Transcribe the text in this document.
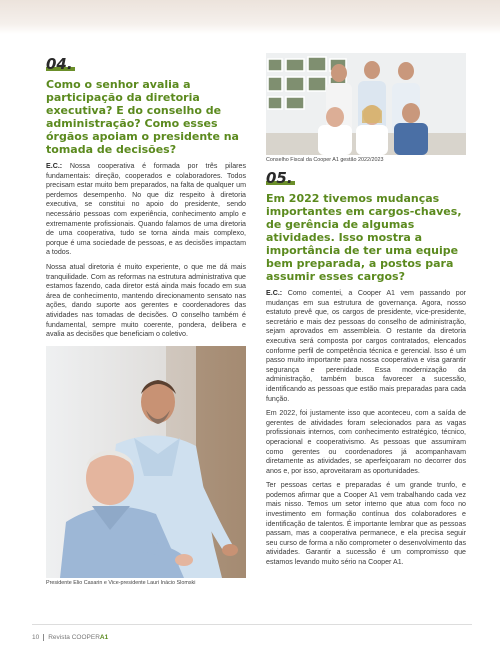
04.
Como o senhor avalia a participação da diretoria executiva? E do conselho de administração? Como esses órgãos apoiam o presidente na tomada de decisões?

E.C.: Nossa cooperativa é formada por três pilares fundamentais: direção, cooperados e colaboradores. Todos precisam estar muito bem preparados, na falta de qualquer um perdemos desempenho. No que diz respeito à diretoria executiva, se constitui no apoio do presidente, sendo necessário pessoas com experiência, conhecimento amplo e extremamente profissionais. Quando falamos de uma diretoria de uma cooperativa, tudo se torna ainda mais complexo, porque é uma sociedade de pessoas, e as decisões impactam a todos.

Nossa atual diretoria é muito experiente, o que me dá mais tranquilidade. Com as reformas na estrutura administrativa que estamos fazendo, cada diretor está ainda mais focado em sua área de conhecimento, mantendo direcionamento sensato nas ações, dando suporte aos gerentes e coordenadores das atividades nas tomadas de decisões. O conselho também é fundamental, sempre muito coerente, pondera, delibera e avalia as decisões que beneficiam o coletivo.

Presidente Elio Casarin e Vice-presidente Lauri Inácio Slomski
Conselho Fiscal da Cooper A1 gestão 2022/2023
05.
Em 2022 tivemos mudanças importantes em cargos-chaves, de gerência de algumas atividades. Isso mostra a importância de ter uma equipe bem preparada, a postos para assumir esses cargos?

E.C.: Como comentei, a Cooper A1 vem passando por mudanças em sua estrutura de governança. Agora, nosso estatuto prevê que, os cargos de presidente, vice-presidente, secretário e mais dez pessoas do conselho de administração, sejam aprovados em assembleia. O restante da diretoria executiva será composta por cargos contratados, elencados conforme perfil de competência técnica e gerencial. Isso é um passo muito importante para nossa cooperativa e visa garantir segurança e perenidade. Essa modernização da administração, também busca favorecer a sucessão, identificando as pessoas que estão mais preparadas para cada função.

Em 2022, foi justamente isso que aconteceu, com a saída de gerentes de atividades foram selecionados para as vagas profissionais internos, com conhecimento estratégico, técnico, operacional e cooperativismo. As pessoas que assumiram como gerentes ou coordenadores já acompanhavam diretamente as atividades, se aperfeiçoaram no decorrer dos anos e, por isso, aproveitaram as oportunidades.

Ter pessoas certas e preparadas é um grande trunfo, e podemos afirmar que a Cooper A1 vem trabalhando cada vez mais nisso. Temos um setor interno que atua com foco no investimento em formação contínua dos colaboradores e identificação de talentos. É importante lembrar que as pessoas passam, mas a cooperativa permanece, e ela precisa seguir seu curso de forma a não comprometer o desenvolvimento das atividades. Garantir a sucessão é um compromisso que estamos levando muito sério na Cooper A1.

10 Revista COOPERA1
